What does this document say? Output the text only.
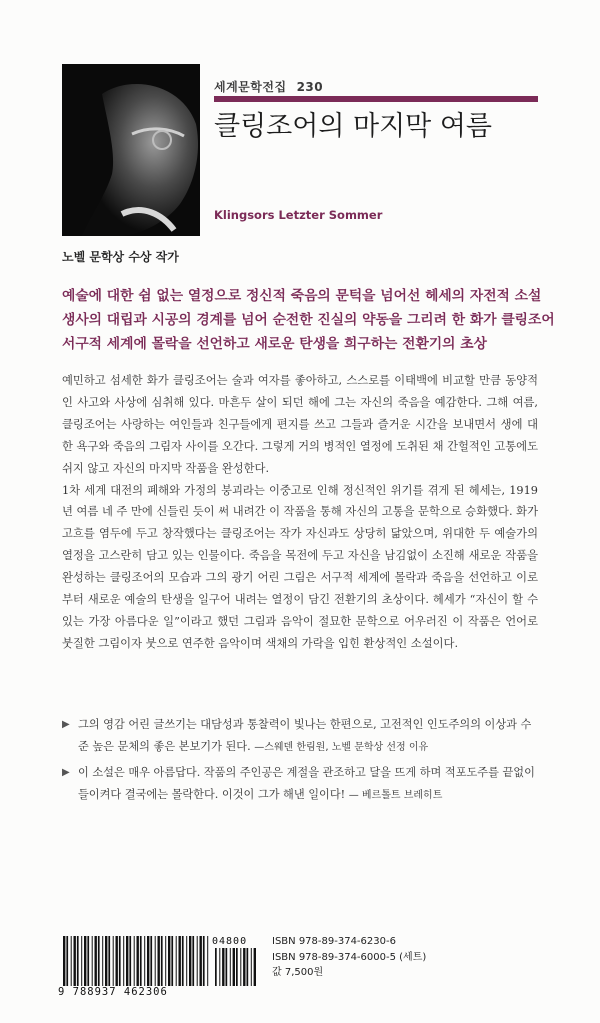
세계문학전집 230
클링조어의 마지막 여름
Klingsors Letzter Sommer
노벨 문학상 수상 작가
예술에 대한 쉼 없는 열정으로 정신적 죽음의 문턱을 넘어선 헤세의 자전적 소설
생사의 대립과 시공의 경계를 넘어 순전한 진실의 약동을 그리려 한 화가 클링조어
서구적 세계에 몰락을 선언하고 새로운 탄생을 희구하는 전환기의 초상

예민하고 섬세한 화가 클링조어는 술과 여자를 좋아하고, 스스로를 이태백에 비교할 만큼 동양적인 사고와 사상에 심취해 있다. 마흔두 살이 되던 해에 그는 자신의 죽음을 예감한다. 그해 여름, 클링조어는 사랑하는 여인들과 친구들에게 편지를 쓰고 그들과 즐거운 시간을 보내면서 생에 대한 욕구와 죽음의 그림자 사이를 오간다. 그렇게 거의 병적인 열정에 도취된 채 간헐적인 고통에도 쉬지 않고 자신의 마지막 작품을 완성한다.

1차 세계 대전의 폐해와 가정의 붕괴라는 이중고로 인해 정신적인 위기를 겪게 된 헤세는, 1919년 여름 네 주 만에 신들린 듯이 써 내려간 이 작품을 통해 자신의 고통을 문학으로 승화했다. 화가 고흐를 염두에 두고 창작했다는 클링조어는 작가 자신과도 상당히 닮았으며, 위대한 두 예술가의 열정을 고스란히 담고 있는 인물이다. 죽음을 목전에 두고 자신을 남김없이 소진해 새로운 작품을 완성하는 클링조어의 모습과 그의 광기 어린 그림은 서구적 세계에 몰락과 죽음을 선언하고 이로부터 새로운 예술의 탄생을 일구어 내려는 열정이 담긴 전환기의 초상이다. 헤세가 “자신이 할 수 있는 가장 아름다운 일”이라고 했던 그림과 음악이 절묘한 문학으로 어우러진 이 작품은 언어로 붓질한 그림이자 붓으로 연주한 음악이며 색채의 가락을 입힌 환상적인 소설이다.

▶ 그의 영감 어린 글쓰기는 대담성과 통찰력이 빛나는 한편으로, 고전적인 인도주의의 이상과 수준 높은 문체의 좋은 본보기가 된다. —스웨덴 한림원, 노벨 문학상 선정 이유
▶ 이 소설은 매우 아름답다. 작품의 주인공은 계절을 관조하고 달을 뜨게 하며 적포도주를 끝없이 들이켜다 결국에는 몰락한다. 이것이 그가 해낸 일이다! — 베르톨트 브레히트
9 788937 462306
04800 ISBN 978-89-374-6230-6
ISBN 978-89-374-6000-5 (세트)
값 7,500원
